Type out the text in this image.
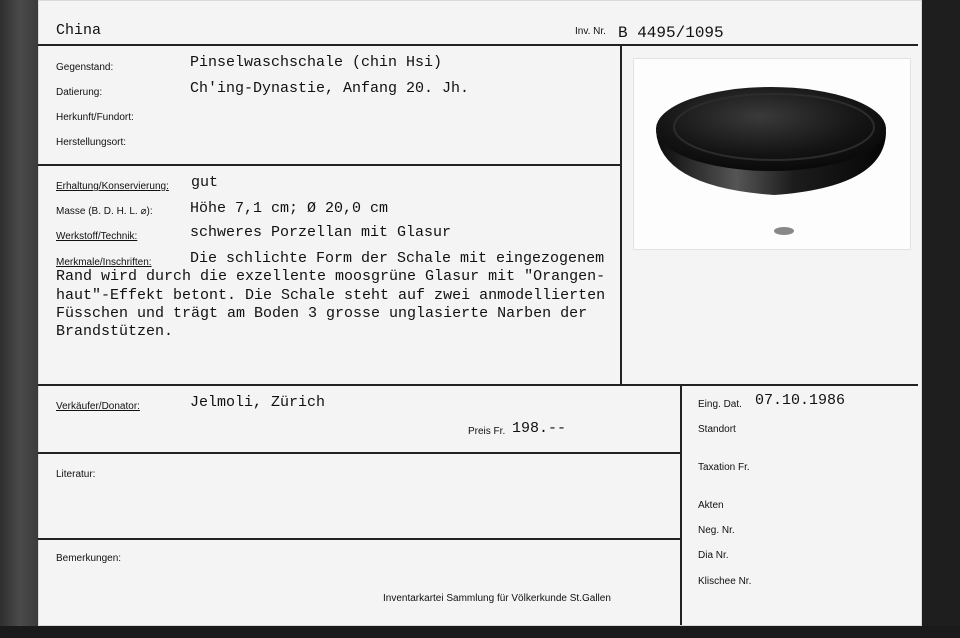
China	Inv. Nr. B 4495/1095
Gegenstand:	Pinselwaschschale (chin Hsi)
Datierung:	Ch'ing-Dynastie, Anfang 20. Jh.
Herkunft/Fundort:
Herstellungsort:
Erhaltung/Konservierung: gut
Masse (B. D. H. L. ⌀): Höhe 7,1 cm; Ø 20,0 cm
Werkstoff/Technik:	schweres Porzellan mit Glasur
Merkmale/Inschriften:	Die schlichte Form der Schale mit eingezogenem
Rand wird durch die exzellente moosgrüne Glasur mit "Orangen-
haut"-Effekt betont. Die Schale steht auf zwei anmodellierten
Füsschen und trägt am Boden 3 grosse unglasierte Narben der
Brandstützen.
Verkäufer/Donator:	Jelmoli, Zürich
Preis Fr. 198.--
Literatur:
Bemerkungen:
Inventarkartei Sammlung für Völkerkunde St.Gallen
Eing. Dat. 07.10.1986
Standort
Taxation Fr.
Akten
Neg. Nr.
Dia Nr.
Klischee Nr.
